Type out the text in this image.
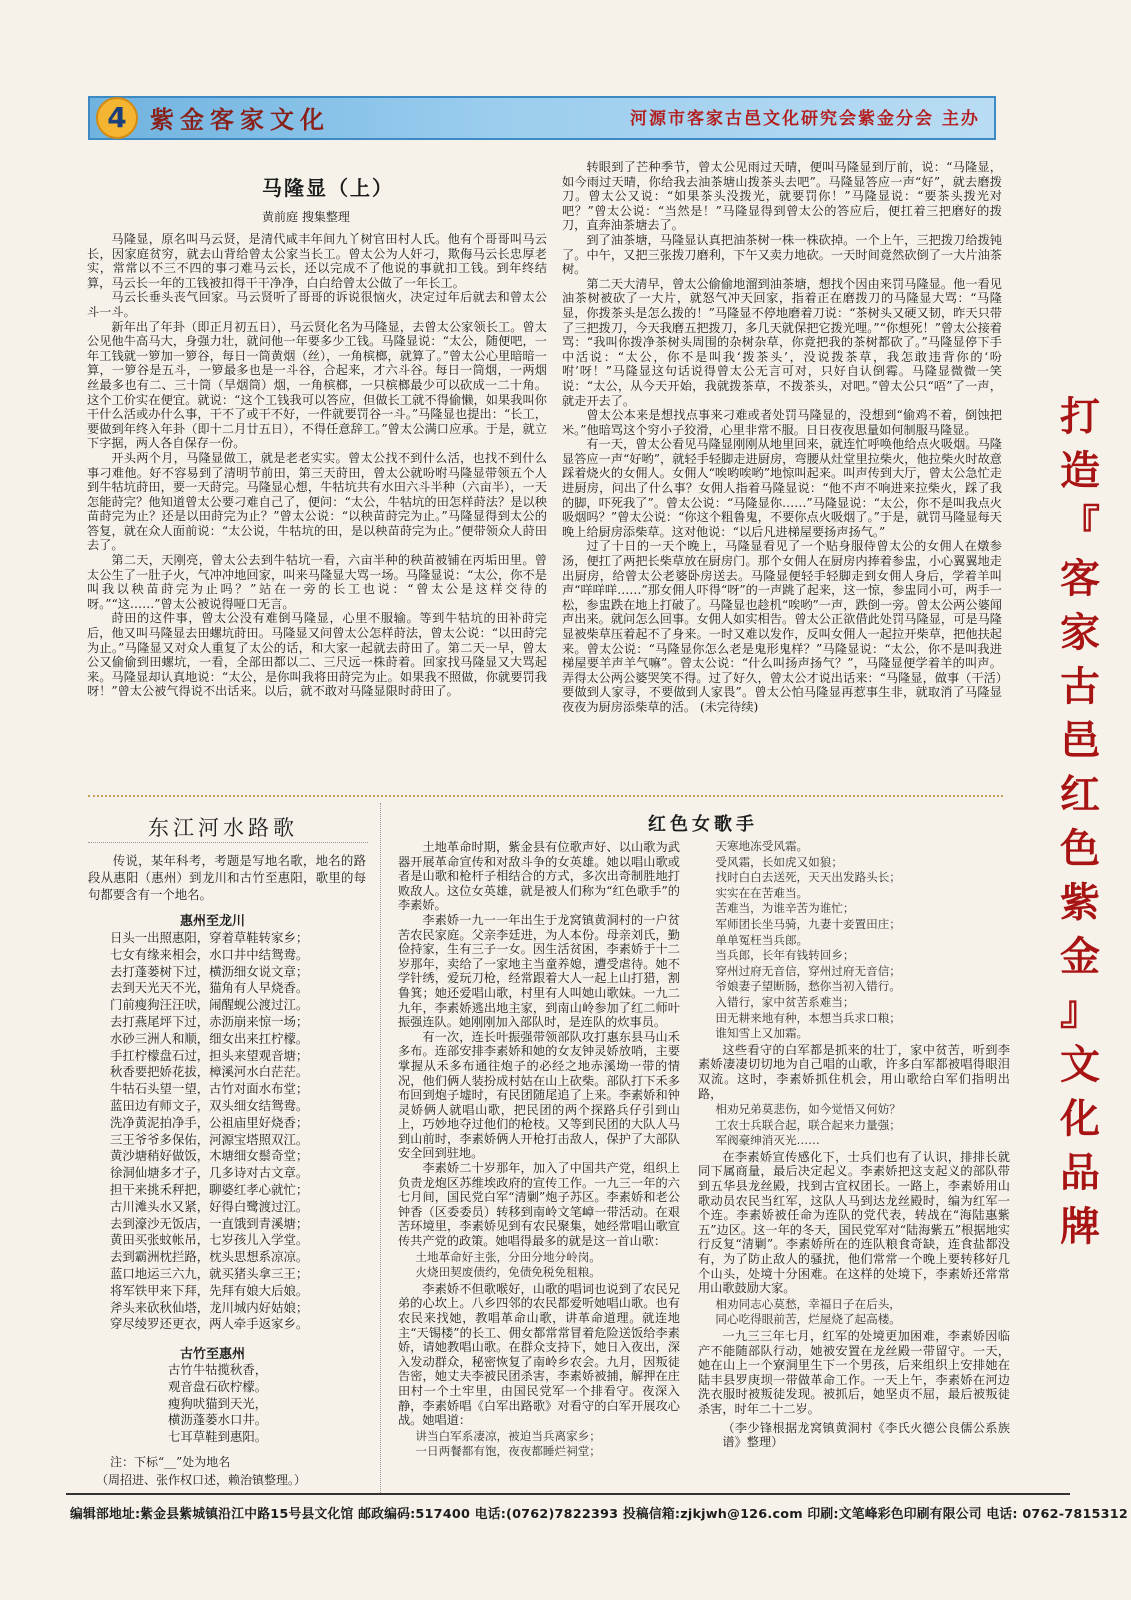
4 紫金客家文化	河源市客家古邑文化研究会紫金分会 主办
马隆显（上）
黄前庭 搜集整理

马隆显，原名叫马云贤，是清代咸丰年间九丫树官田村人氏。他有个哥哥叫马云长，因家庭贫穷，就去山背给曾太公家当长工。曾太公为人奸刁，欺侮马云长忠厚老实，常常以不三不四的事刁难马云长，还以完成不了他说的事就扣工钱。到年终结算，马云长一年的工钱被扣得干干净净，白白给曾太公做了一年长工。

马云长垂头丧气回家。马云贤听了哥哥的诉说很恼火，决定过年后就去和曾太公斗一斗。

新年出了年卦（即正月初五日），马云贤化名为马隆显，去曾太公家领长工。曾太公见他牛高马大，身强力壮，就问他一年要多少工钱。马隆显说：“太公，随便吧，一年工钱就一箩加一箩谷，每日一筒黄烟（丝），一角槟榔，就算了。”曾太公心里暗暗一算，一箩谷是五斗，一箩最多也是一斗谷，合起来，才六斗谷。每日一筒烟，一两烟丝最多也有二、三十筒（旱烟筒）烟，一角槟榔，一只槟榔最少可以砍成一二十角。这个工价实在便宜。就说：“这个工钱我可以答应，但做长工就不得偷懒，如果我叫你干什么活或办什么事，干不了或干不好，一件就要罚谷一斗。”马隆显也提出：“长工，要做到年终入年卦（即十二月廿五日），不得任意辞工。”曾太公满口应承。于是，就立下字据，两人各自保存一份。

开头两个月，马隆显做工，就是老老实实。曾太公找不到什么活，也找不到什么事刁难他。好不容易到了清明节前田，第三天莳田，曾太公就吩咐马隆显带领五个人到牛牯坑莳田，要一天莳完。马隆显心想，牛牯坑共有水田六斗半种（六亩半），一天怎能莳完？他知道曾太公要刁难自己了，便问：“太公，牛牯坑的田怎样莳法？是以秧苗莳完为止？还是以田莳完为止？”曾太公说：“以秧苗莳完为止。”马隆显得到太公的答复，就在众人面前说：“太公说，牛牯坑的田，是以秧苗莳完为止。”便带领众人莳田去了。

第二天，天刚亮，曾太公去到牛牯坑一看，六亩半种的秧苗被铺在丙垢田里。曾太公生了一肚子火，气冲冲地回家，叫来马隆显大骂一场。马隆显说：“太公，你不是叫我以秧苗莳完为止吗？”站在一旁的长工也说：“曾太公是这样交待的呀。”“这……”曾太公被说得哑口无言。

莳田的这件事，曾太公没有难倒马隆显，心里不服输。等到牛牯坑的田补莳完后，他又叫马隆显去田螺坑莳田。马隆显又问曾太公怎样莳法，曾太公说：“以田莳完为止。”马隆显又对众人重复了太公的话，和大家一起就去莳田了。第二天一早，曾太公又偷偷到田螺坑，一看，全部田都以二、三尺远一株莳着。回家找马隆显又大骂起来。马隆显却认真地说：“太公，是你叫我将田莳完为止。如果我不照做，你就要罚我呀！”曾太公被气得说不出话来。以后，就不敢对马隆显限时莳田了。

转眼到了芒种季节，曾太公见雨过天晴，便叫马隆显到厅前，说：“马隆显，如今雨过天晴，你给我去油茶塘山拨茶头去吧”。马隆显答应一声“好”，就去磨拨刀。曾太公又说：“如果茶头没拨光，就要罚你！”马隆显说：“要茶头拨光对吧？”曾太公说：“当然是！”马隆显得到曾太公的答应后，便扛着三把磨好的拨刀，直奔油茶塘去了。

到了油茶塘，马隆显认真把油茶树一株一株砍掉。一个上午，三把拨刀给拨钝了。中午，又把三张拨刀磨利，下午又卖力地砍。一天时间竟然砍倒了一大片油茶树。

第二天大清早，曾太公偷偷地溜到油茶塘，想找个因由来罚马隆显。他一看见油茶树被砍了一大片，就怒气冲天回家，指着正在磨拨刀的马隆显大骂：“马隆显，你拨茶头是怎么拨的！”马隆显不停地磨着刀说：“茶树头又硬又韧，昨天只带了三把拨刀，今天我磨五把拨刀，多几天就保把它拨光哩。”“你想死！”曾太公接着骂：“我叫你拨净茶树头周围的杂树杂草，你竟把我的茶树都砍了。”马隆显停下手中活说：“太公，你不是叫我‘拨茶头’，没说拨茶草，我怎敢违背你的‘吩咐’呀！”马隆显这句话说得曾太公无言可对，只好自认倒霉。马隆显微微一笑说：“太公，从今天开始，我就拨茶草，不拨茶头，对吧。”曾太公只“唔”了一声，就走开去了。

曾太公本来是想找点事来刁难或者处罚马隆显的，没想到“偷鸡不着，倒蚀把米。”他暗骂这个穷小子狡滑，心里非常不服。日日夜夜思量如何制服马隆显。

有一天，曾太公看见马隆显刚刚从地里回来，就连忙呼唤他给点火吸烟。马隆显答应一声“好哟”，就轻手轻脚走进厨房，弯腰从灶堂里拉柴火，他拉柴火时故意踩着烧火的女佣人。女佣人“唉哟唉哟”地惊叫起来。叫声传到大厅，曾太公急忙走进厨房，问出了什么事？女佣人指着马隆显说：“他不声不响进来拉柴火，踩了我的脚，吓死我了”。曾太公说：“马隆显你……”马隆显说：“太公，你不是叫我点火吸烟吗？”曾太公说：“你这个粗鲁鬼，不要你点火吸烟了。”于是，就罚马隆显每天晚上给厨房添柴草。这对他说：“以后凡进梯屋要扬声扬气。”

过了十日的一天个晚上，马隆显看见了一个贴身服侍曾太公的女佣人在燉参汤，便扛了两把长柴草放在厨房门。那个女佣人在厨房内捧着参盅，小心翼翼地走出厨房，给曾太公老婆卧房送去。马隆显便轻手轻脚走到女佣人身后，学着羊叫声“咩咩咩……”那女佣人吓得“呀”的一声跳了起来，这一惊，参盅同小可，两手一松，参盅跌在地上打破了。马隆显也趁机“唉哟”一声，跌倒一旁。曾太公两公婆闻声出来。就问怎么回事。女佣人如实相告。曾太公正欲借此处罚马隆显，可是马隆显被柴草压着起不了身来。一时又难以发作，反叫女佣人一起拉开柴草，把他扶起来。曾太公说：“马隆显你怎么老是鬼形鬼样？”马隆显说：“太公，你不是叫我进梯屋要羊声羊气嘛”。曾太公说：“什么叫扬声扬气？”，马隆显便学着羊的叫声。弄得太公两公婆哭笑不得。过了好久，曾太公才说出话来：“马隆显，做事（干活）要做到人家寻，不要做到人家畏”。曾太公怕马隆显再惹事生非，就取消了马隆显夜夜为厨房添柴草的活。 (未完待续)

东江河水路歌

传说，某年科考，考题是写地名歌，地名的路段从惠阳（惠州）到龙川和古竹至惠阳，歌里的每句都要含有一个地名。

惠州至龙川
日头一出照惠阳，穿着草鞋转家乡；
七女有缘来相会，水口井中结鸳鸯。
去打蓬蒌树下过，横沥细女说文章；
去到天光天不光，猫角有人早烧香。
门前瘦狗汪汪吠，闹醒蚬公渡过江。
去打燕尾坪下过，赤沥崩来惊一场；
水砂三洲人和顺，细女出来扛柠檬。
手扛柠檬盘石过，担头来望观音塘；
秋香要把娇花拔，樟溪河水白茫茫。
牛牯石头望一望，古竹对面水布堂；
蓝田边有师文子，双头细女结鸳鸯。
洗净黄泥拍净手，公祖庙里好烧香；
三王爷爷多保佑，河源宝塔照双江。
黄沙塘稍好做饭，木塘细女鬃奇堂；
徐洞仙塘多才子，几多诗对古文章。
担干来挑禾秤把，聊婆红孝心就忙；
古川滩头水又紧，好得白鹭渡过江。
去到濠沙无饭店，一直饿到青溪塘；
黄田买张蚊帐吊，七岁孩儿入学堂。
去到霸洲枕拦路，枕头思想系凉凉。
蓝口地运三六九，就买猪头拿三王；
将军铁甲来下拜，先拜有娘大后娘。
斧头来砍秋仙塔，龙川城内好姑娘；
穿尽绫罗还更衣，两人牵手返家乡。
古竹至惠州
古竹牛牯揽秋香，
观音盘石砍柠檬。
瘦狗吠猫到天光，
横沥蓬蒌水口井。
七耳草鞋到惠阳。
注：下标“__”处为地名
（周招进、张作权口述，赖治镇整理。）
红色女歌手

土地革命时期，紫金县有位歌声好、以山歌为武器开展革命宣传和对敌斗争的女英雄。她以唱山歌或者是山歌和枪杆子相结合的方式，多次出奇制胜地打败敌人。这位女英雄，就是被人们称为“红色歌手”的李素娇。

李素娇一九一一年出生于龙窝镇黄洞村的一户贫苦农民家庭。父亲李廷进，为人本份。母亲刘氏，勤俭持家，生有三子一女。因生活贫困，李素娇于十二岁那年，卖给了一家地主当童养媳，遭受虐待。她不学针绣，爱玩刀枪，经常跟着大人一起上山打猎，割鲁箕；她还爱唱山歌，村里有人叫她山歌妹。一九二九年，李素娇逃出地主家，到南山岭参加了红二师叶振强连队。她刚刚加入部队时，是连队的炊事员。

有一次，连长叶振强带领部队攻打惠东县马山禾多布。连部安排李素娇和她的女友钟灵娇放哨，主要掌握从禾多布通往炮子的必经之地赤溪坳一带的情况，他们俩人装扮成村姑在山上砍柴。部队打下禾多布回到炮子墟时，有民团随尾追了上来。李素娇和钟灵娇俩人就唱山歌，把民团的两个探路兵仔引到山上，巧妙地夺过他们的枪枝。又等到民团的大队人马到山前时，李素娇俩人开枪打击敌人，保护了大部队安全回到驻地。

李素娇二十岁那年，加入了中国共产党，组织上负责龙炮区苏维埃政府的宣传工作。一九三一年的六七月间，国民党白军“清剿”炮子苏区。李素娇和老公钟香（区委委员）转移到南岭文笔嶂一带活动。在艰苦环境里，李素娇见到有农民聚集，她经常唱山歌宣传共产党的政策。她唱得最多的就是这一首山歌：

土地革命好主张，分田分地分岭岗。
火烧田契废债约，免债免税免租粮。

李素娇不但歌喉好，山歌的唱词也说到了农民兄弟的心坎上。八乡四邻的农民都爱听她唱山歌。也有农民来找她，教唱革命山歌，讲革命道理。就连地主“天锡楼”的长工、佣女都常常冒着危险送饭给李素娇，请她教唱山歌。在群众支持下，她日入夜出，深入发动群众，秘密恢复了南岭乡农会。九月，因叛徒告密，她丈夫李被民团杀害，李素娇被捕，解押在庄田村一个土牢里，由国民党军一个排看守。夜深入静，李素娇唱《白军出路歌》对看守的白军开展攻心战。她唱道：

讲当白军系凄凉，被迫当兵离家乡；
一日两餐都有饱，夜夜都睡烂祠堂；
天寒地冻受风霜。
受风霜，长如虎又如狼；
找时白白去送死，天天出发路头长；
实实在在苦难当。
苦难当，为谁辛苦为谁忙；
军师团长坐马骑，九妻十妾置田庄；
单单冤枉当兵郎。
当兵郎，长年有钱转回乡；
穿州过府无音信，穿州过府无音信；
爷娘妻子望断肠，愁你当初入错行。
入错行，家中贫苦系难当；
田无耕来地有种，本想当兵求口粮；
谁知雪上又加霜。

这些看守的白军都是抓来的壮丁，家中贫苦，听到李素娇凄凄切切地为自己唱的山歌，许多白军都被唱得眼泪双流。这时，李素娇抓住机会，用山歌给白军们指明出路，

相劝兄弟莫悲伤，如今觉悟又何妨？
工农士兵联合起，联合起来力量强；
军阀豪绅消灭光……

在李素娇宣传感化下，士兵们也有了认识，排排长就同下属商量，最后决定起义。李素娇把这支起义的部队带到五华县龙丝殿，找到古宜权团长。一路上，李素娇用山歌动员农民当红军，这队人马到达龙丝殿时，编为红军一个连。李素娇被任命为连队的党代表，转战在“海陆惠紫五”边区。这一年的冬天，国民党军对“陆海紫五”根据地实行反复“清剿”。李素娇所在的连队粮食奇缺，连食盐都没有，为了防止敌人的骚扰，他们常常一个晚上要转移好几个山头，处境十分困难。在这样的处境下，李素娇还常常用山歌鼓励大家。

相劝同志心莫愁，幸福日子在后头，
同心吃得眼前苦，烂屋烧了起高楼。

一九三三年七月，红军的处境更加困难，李素娇因临产不能随部队行动，她被安置在龙丝殿一带留守。一天，她在山上一个寮洞里生下一个男孩，后来组织上安排她在陆丰县罗庚坝一带做革命工作。一天上午，李素娇在河边洗衣服时被叛徒发现。被抓后，她坚贞不屈，最后被叛徒杀害，时年二十二岁。

（李少锋根据龙窝镇黄洞村《李氏火德公良儒公系族谱》整理）
打
造
『
客
家
古
邑
红
色
紫
金
』
文
化
品
牌
编辑部地址:紫金县紫城镇沿江中路15号县文化馆 邮政编码:517400 电话:(0762)7822393 投稿信箱:zjkjwh@126.com 印刷:文笔峰彩色印刷有限公司 电话: 0762-7815312
